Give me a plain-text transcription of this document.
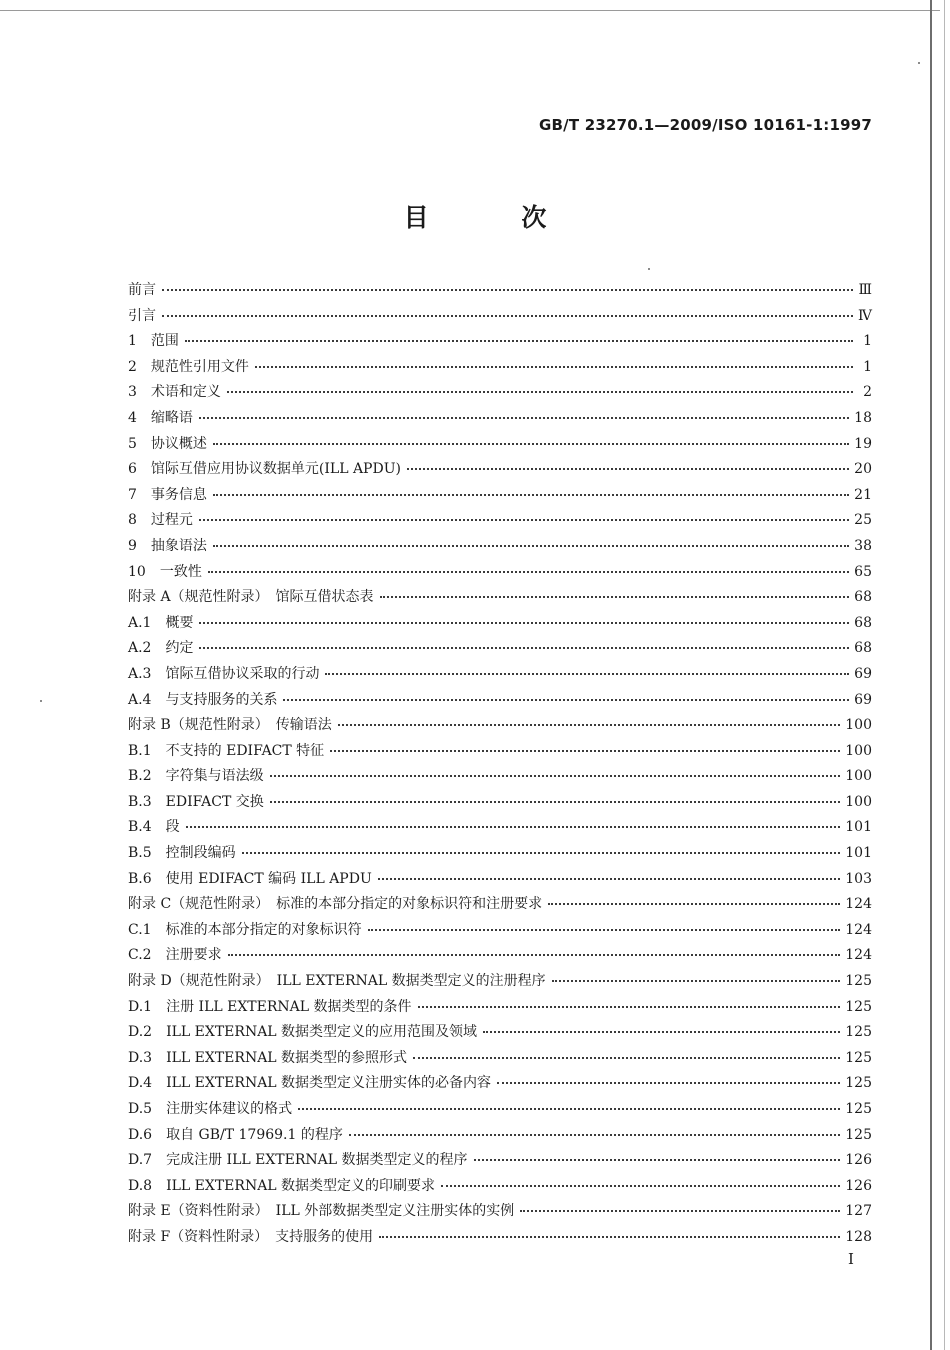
GB/T 23270.1—2009/ISO 10161-1:1997
目 次
前言	Ⅲ
引言	Ⅳ
1　范围	1
2　规范性引用文件	1
3　术语和定义	2
4　缩略语	18
5　协议概述	19
6　馆际互借应用协议数据单元(ILL APDU)	20
7　事务信息	21
8　过程元	25
9　抽象语法	38
10　一致性	65
附录 A（规范性附录）　馆际互借状态表	68
A.1　概要	68
A.2　约定	68
A.3　馆际互借协议采取的行动	69
A.4　与支持服务的关系	69
附录 B（规范性附录）　传输语法	100
B.1　不支持的 EDIFACT 特征	100
B.2　字符集与语法级	100
B.3　EDIFACT 交换	100
B.4　段	101
B.5　控制段编码	101
B.6　使用 EDIFACT 编码 ILL APDU	103
附录 C（规范性附录）　标准的本部分指定的对象标识符和注册要求	124
C.1　标准的本部分指定的对象标识符	124
C.2　注册要求	124
附录 D（规范性附录）　ILL EXTERNAL 数据类型定义的注册程序	125
D.1　注册 ILL EXTERNAL 数据类型的条件	125
D.2　ILL EXTERNAL 数据类型定义的应用范围及领域	125
D.3　ILL EXTERNAL 数据类型的参照形式	125
D.4　ILL EXTERNAL 数据类型定义注册实体的必备内容	125
D.5　注册实体建议的格式	125
D.6　取自 GB/T 17969.1 的程序	125
D.7　完成注册 ILL EXTERNAL 数据类型定义的程序	126
D.8　ILL EXTERNAL 数据类型定义的印刷要求	126
附录 E（资料性附录）　ILL 外部数据类型定义注册实体的实例	127
附录 F（资料性附录）　支持服务的使用	128
I
